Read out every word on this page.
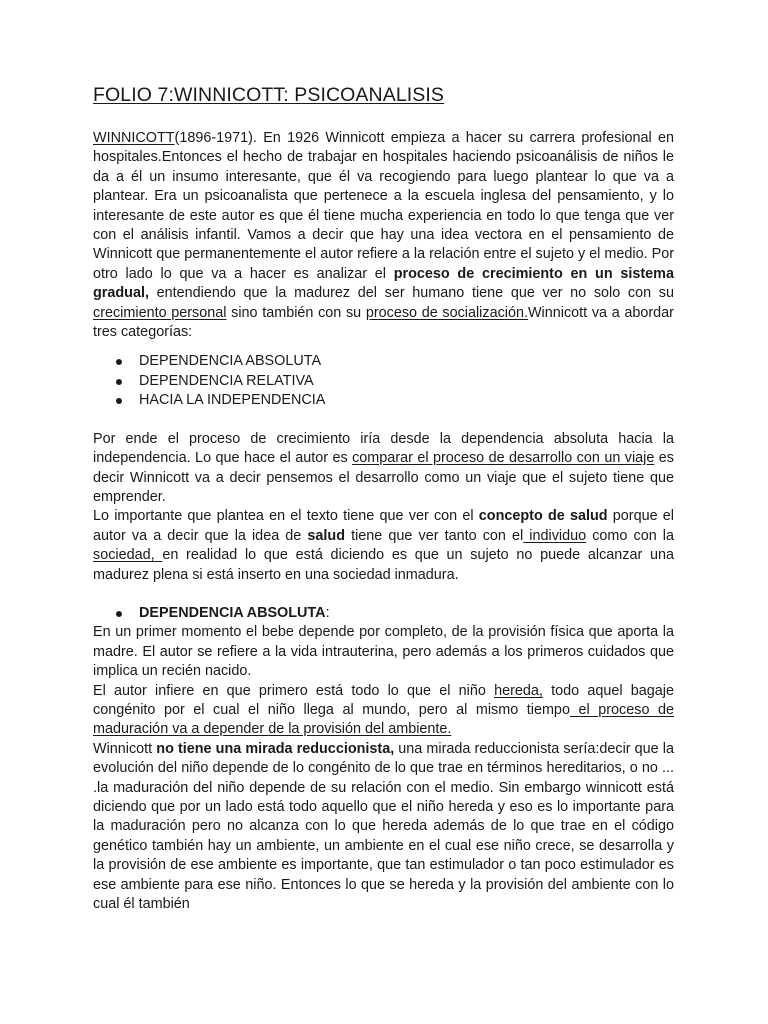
FOLIO 7:WINNICOTT: PSICOANALISIS

WINNICOTT(1896-1971). En 1926 Winnicott empieza a hacer su carrera profesional en hospitales.Entonces el hecho de trabajar en hospitales haciendo psicoanálisis de niños le da a él un insumo interesante, que él va recogiendo para luego plantear lo que va a plantear. Era un psicoanalista que pertenece a la escuela inglesa del pensamiento, y lo interesante de este autor es que él tiene mucha experiencia en todo lo que tenga que ver con el análisis infantil. Vamos a decir que hay una idea vectora en el pensamiento de Winnicott que permanentemente el autor refiere a la relación entre el sujeto y el medio. Por otro lado lo que va a hacer es analizar el proceso de crecimiento en un sistema gradual, entendiendo que la madurez del ser humano tiene que ver no solo con su crecimiento personal sino también con su proceso de socialización.Winnicott va a abordar tres categorías:

DEPENDENCIA ABSOLUTA
DEPENDENCIA RELATIVA
HACIA LA INDEPENDENCIA

Por ende el proceso de crecimiento iría desde la dependencia absoluta hacia la independencia. Lo que hace el autor es comparar el proceso de desarrollo con un viaje es decir Winnicott va a decir pensemos el desarrollo como un viaje que el sujeto tiene que emprender.

Lo importante que plantea en el texto tiene que ver con el concepto de salud porque el autor va a decir que la idea de salud tiene que ver tanto con el individuo como con la sociedad, en realidad lo que está diciendo es que un sujeto no puede alcanzar una madurez plena si está inserto en una sociedad inmadura.

DEPENDENCIA ABSOLUTA:

En un primer momento el bebe depende por completo, de la provisión física que aporta la madre. El autor se refiere a la vida intrauterina, pero además a los primeros cuidados que implica un recién nacido.

El autor infiere en que primero está todo lo que el niño hereda, todo aquel bagaje congénito por el cual el niño llega al mundo, pero al mismo tiempo el proceso de maduración va a depender de la provisión del ambiente.

Winnicott no tiene una mirada reduccionista, una mirada reduccionista sería:decir que la evolución del niño depende de lo congénito de lo que trae en términos hereditarios, o no ... .la maduración del niño depende de su relación con el medio. Sin embargo winnicott está diciendo que por un lado está todo aquello que el niño hereda y eso es lo importante para la maduración pero no alcanza con lo que hereda además de lo que trae en el código genético también hay un ambiente, un ambiente en el cual ese niño crece, se desarrolla y la provisión de ese ambiente es importante, que tan estimulador o tan poco estimulador es ese ambiente para ese niño. Entonces lo que se hereda y la provisión del ambiente con lo cual él también
